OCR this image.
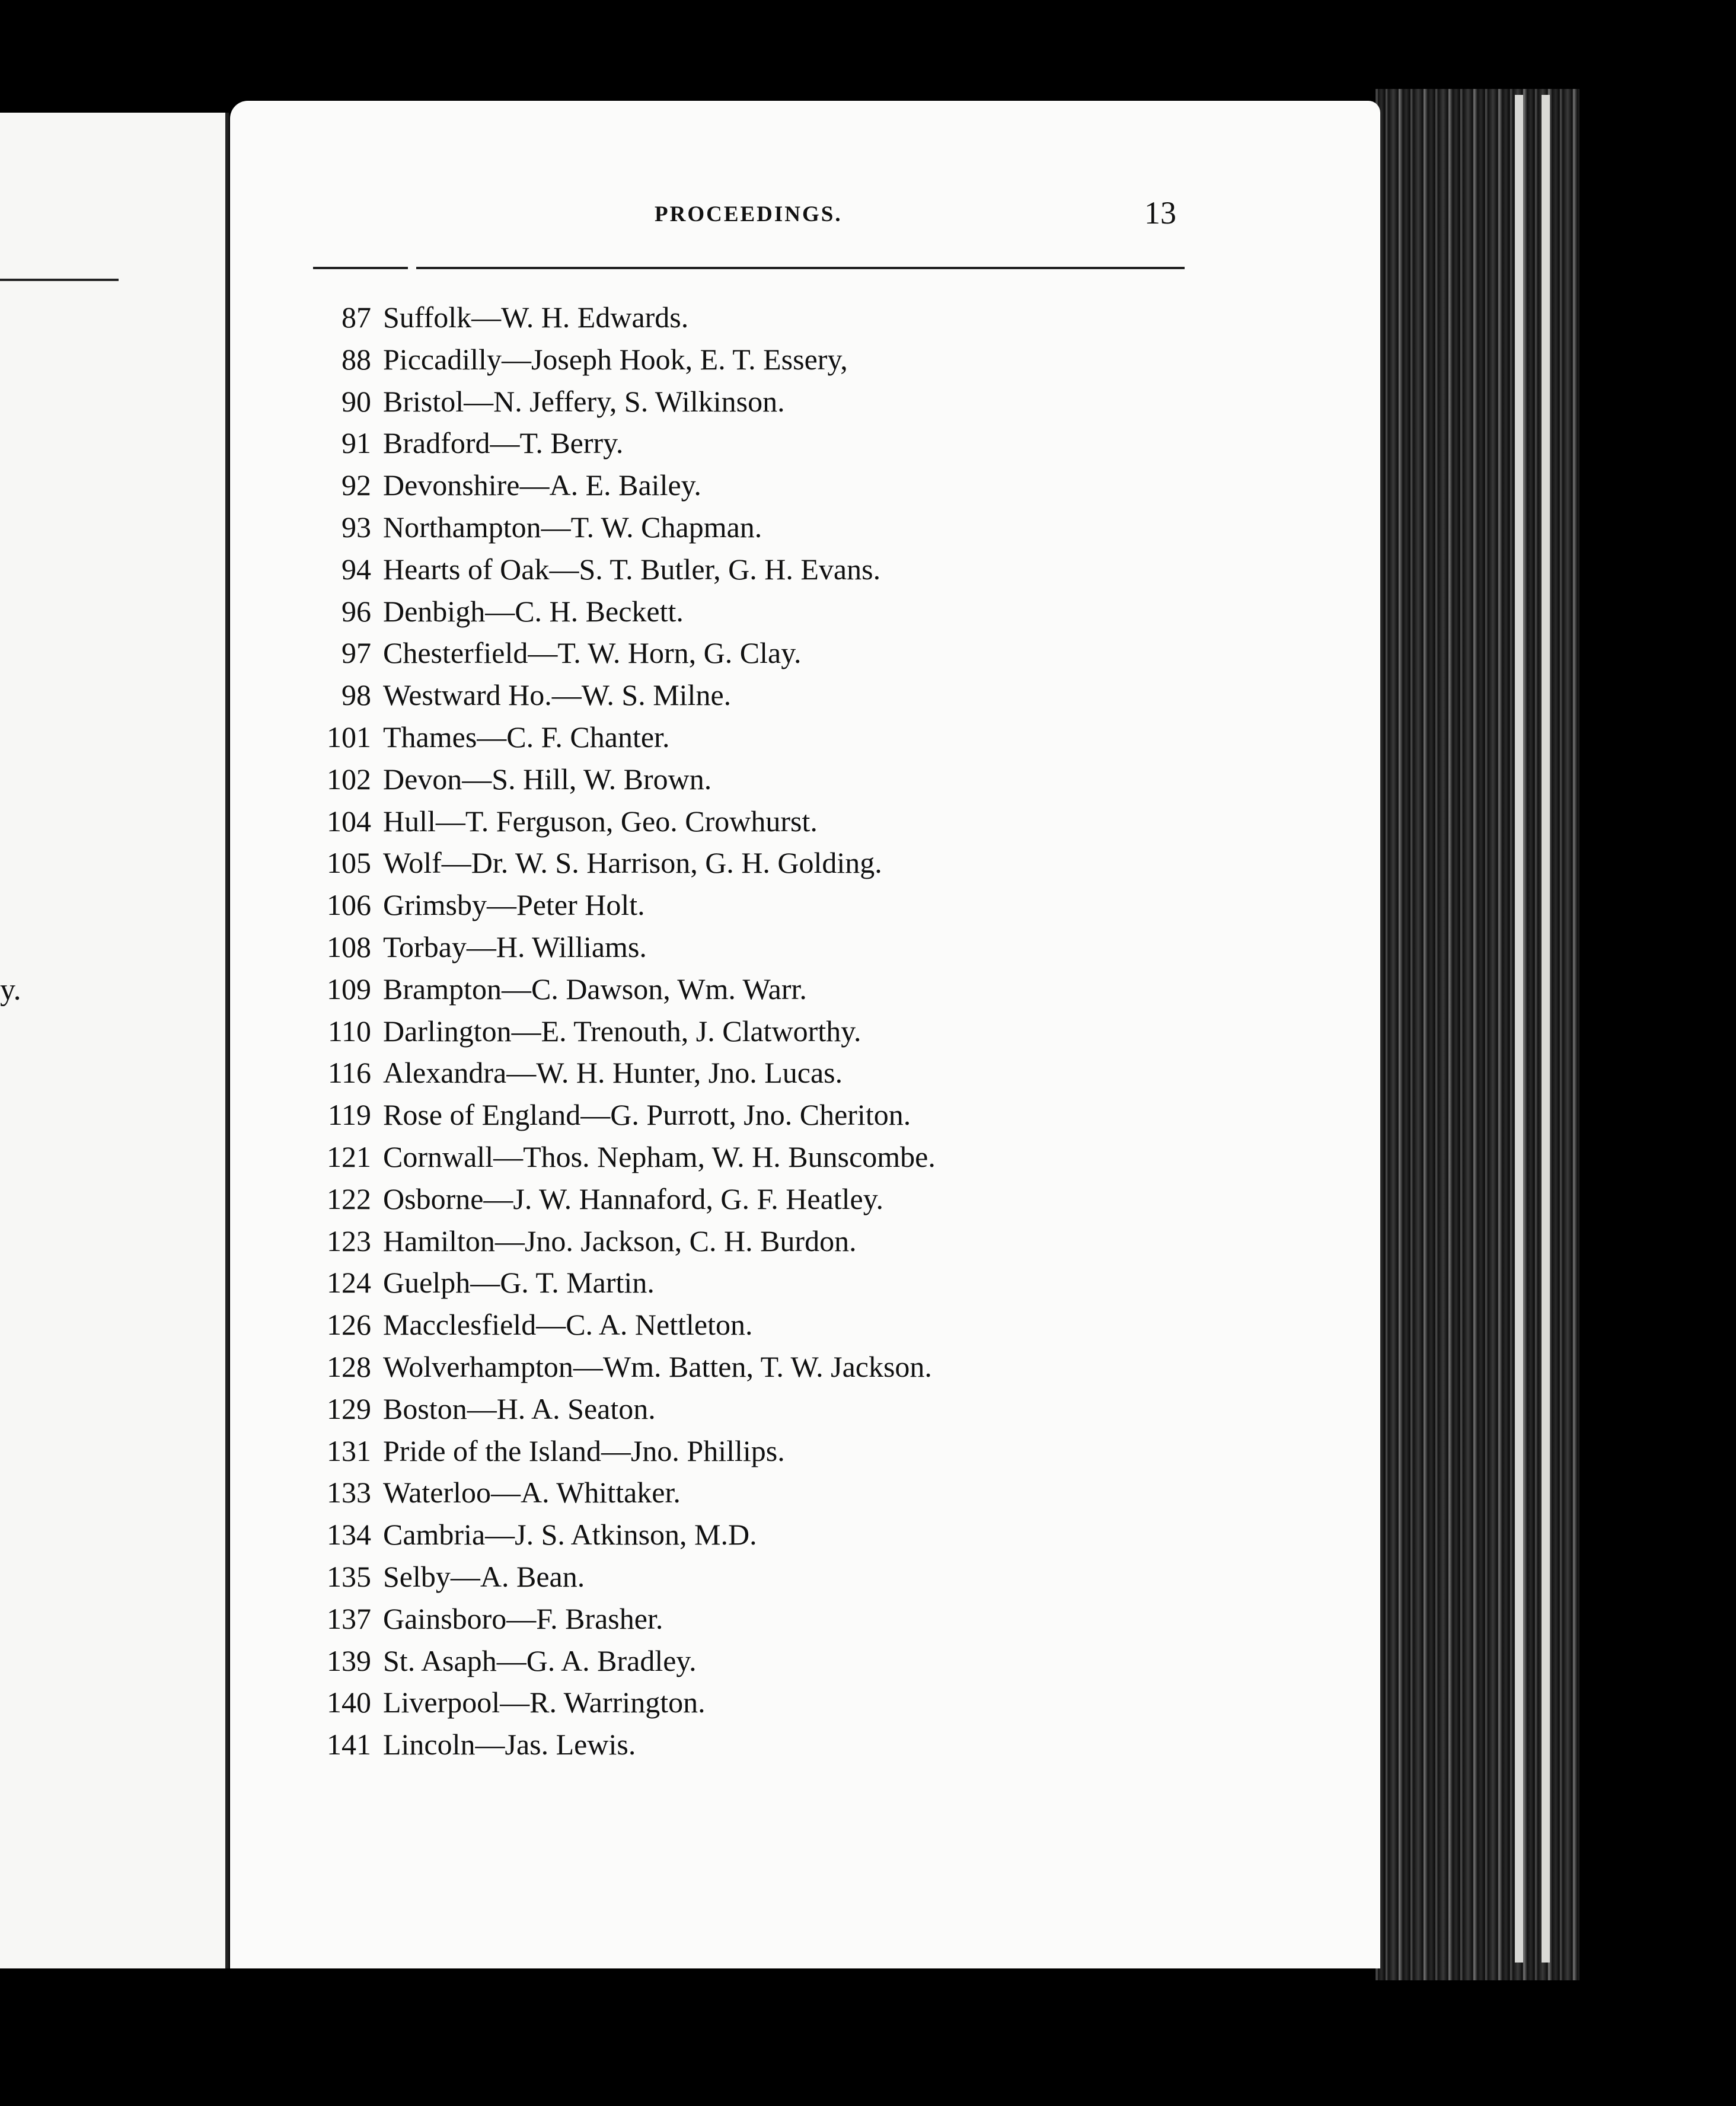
y.
PROCEEDINGS.	13
87 Suffolk—W. H. Edwards.
88 Piccadilly—Joseph Hook, E. T. Essery,
90 Bristol—N. Jeffery, S. Wilkinson.
91 Bradford—T. Berry.
92 Devonshire—A. E. Bailey.
93 Northampton—T. W. Chapman.
94 Hearts of Oak—S. T. Butler, G. H. Evans.
96 Denbigh—C. H. Beckett.
97 Chesterfield—T. W. Horn, G. Clay.
98 Westward Ho.—W. S. Milne.
101 Thames—C. F. Chanter.
102 Devon—S. Hill, W. Brown.
104 Hull—T. Ferguson, Geo. Crowhurst.
105 Wolf—Dr. W. S. Harrison, G. H. Golding.
106 Grimsby—Peter Holt.
108 Torbay—H. Williams.
109 Brampton—C. Dawson, Wm. Warr.
110 Darlington—E. Trenouth, J. Clatworthy.
116 Alexandra—W. H. Hunter, Jno. Lucas.
119 Rose of England—G. Purrott, Jno. Cheriton.
121 Cornwall—Thos. Nepham, W. H. Bunscombe.
122 Osborne—J. W. Hannaford, G. F. Heatley.
123 Hamilton—Jno. Jackson, C. H. Burdon.
124 Guelph—G. T. Martin.
126 Macclesfield—C. A. Nettleton.
128 Wolverhampton—Wm. Batten, T. W. Jackson.
129 Boston—H. A. Seaton.
131 Pride of the Island—Jno. Phillips.
133 Waterloo—A. Whittaker.
134 Cambria—J. S. Atkinson, M.D.
135 Selby—A. Bean.
137 Gainsboro—F. Brasher.
139 St. Asaph—G. A. Bradley.
140 Liverpool—R. Warrington.
141 Lincoln—Jas. Lewis.
